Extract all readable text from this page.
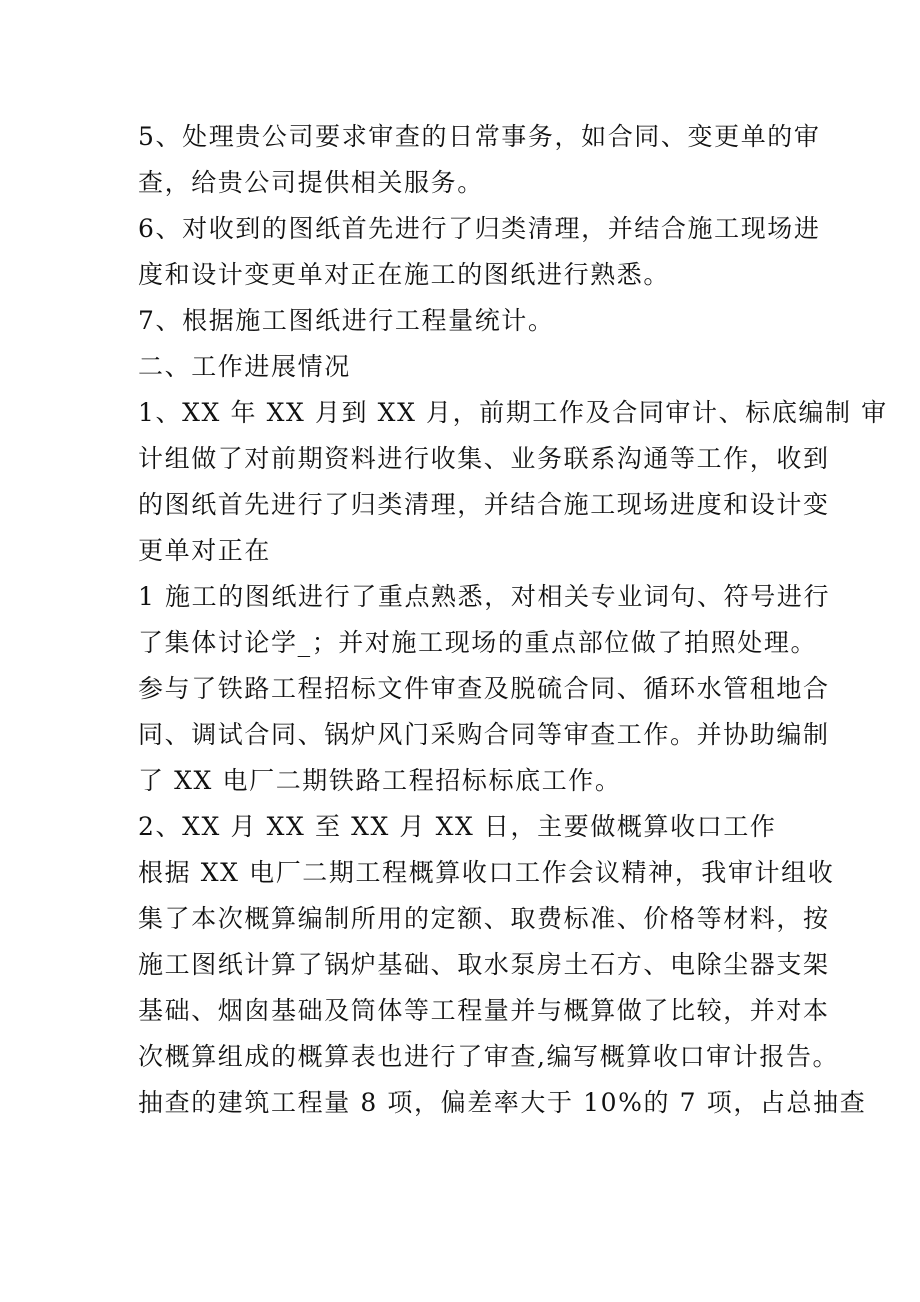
5、处理贵公司要求审查的日常事务，如合同、变更单的审
查，给贵公司提供相关服务。
6、对收到的图纸首先进行了归类清理，并结合施工现场进
度和设计变更单对正在施工的图纸进行熟悉。
7、根据施工图纸进行工程量统计。
二、工作进展情况
1、XX 年 XX 月到 XX 月，前期工作及合同审计、标底编制 审
计组做了对前期资料进行收集、业务联系沟通等工作，收到
的图纸首先进行了归类清理，并结合施工现场进度和设计变
更单对正在
1 施工的图纸进行了重点熟悉，对相关专业词句、符号进行
了集体讨论学_；并对施工现场的重点部位做了拍照处理。
参与了铁路工程招标文件审查及脱硫合同、循环水管租地合
同、调试合同、锅炉风门采购合同等审查工作。并协助编制
了 XX 电厂二期铁路工程招标标底工作。
2、XX 月 XX 至 XX 月 XX 日，主要做概算收口工作
根据 XX 电厂二期工程概算收口工作会议精神，我审计组收
集了本次概算编制所用的定额、取费标准、价格等材料，按
施工图纸计算了锅炉基础、取水泵房土石方、电除尘器支架
基础、烟囱基础及筒体等工程量并与概算做了比较，并对本
次概算组成的概算表也进行了审查,编写概算收口审计报告。
抽查的建筑工程量 8 项，偏差率大于 10%的 7 项，占总抽查
